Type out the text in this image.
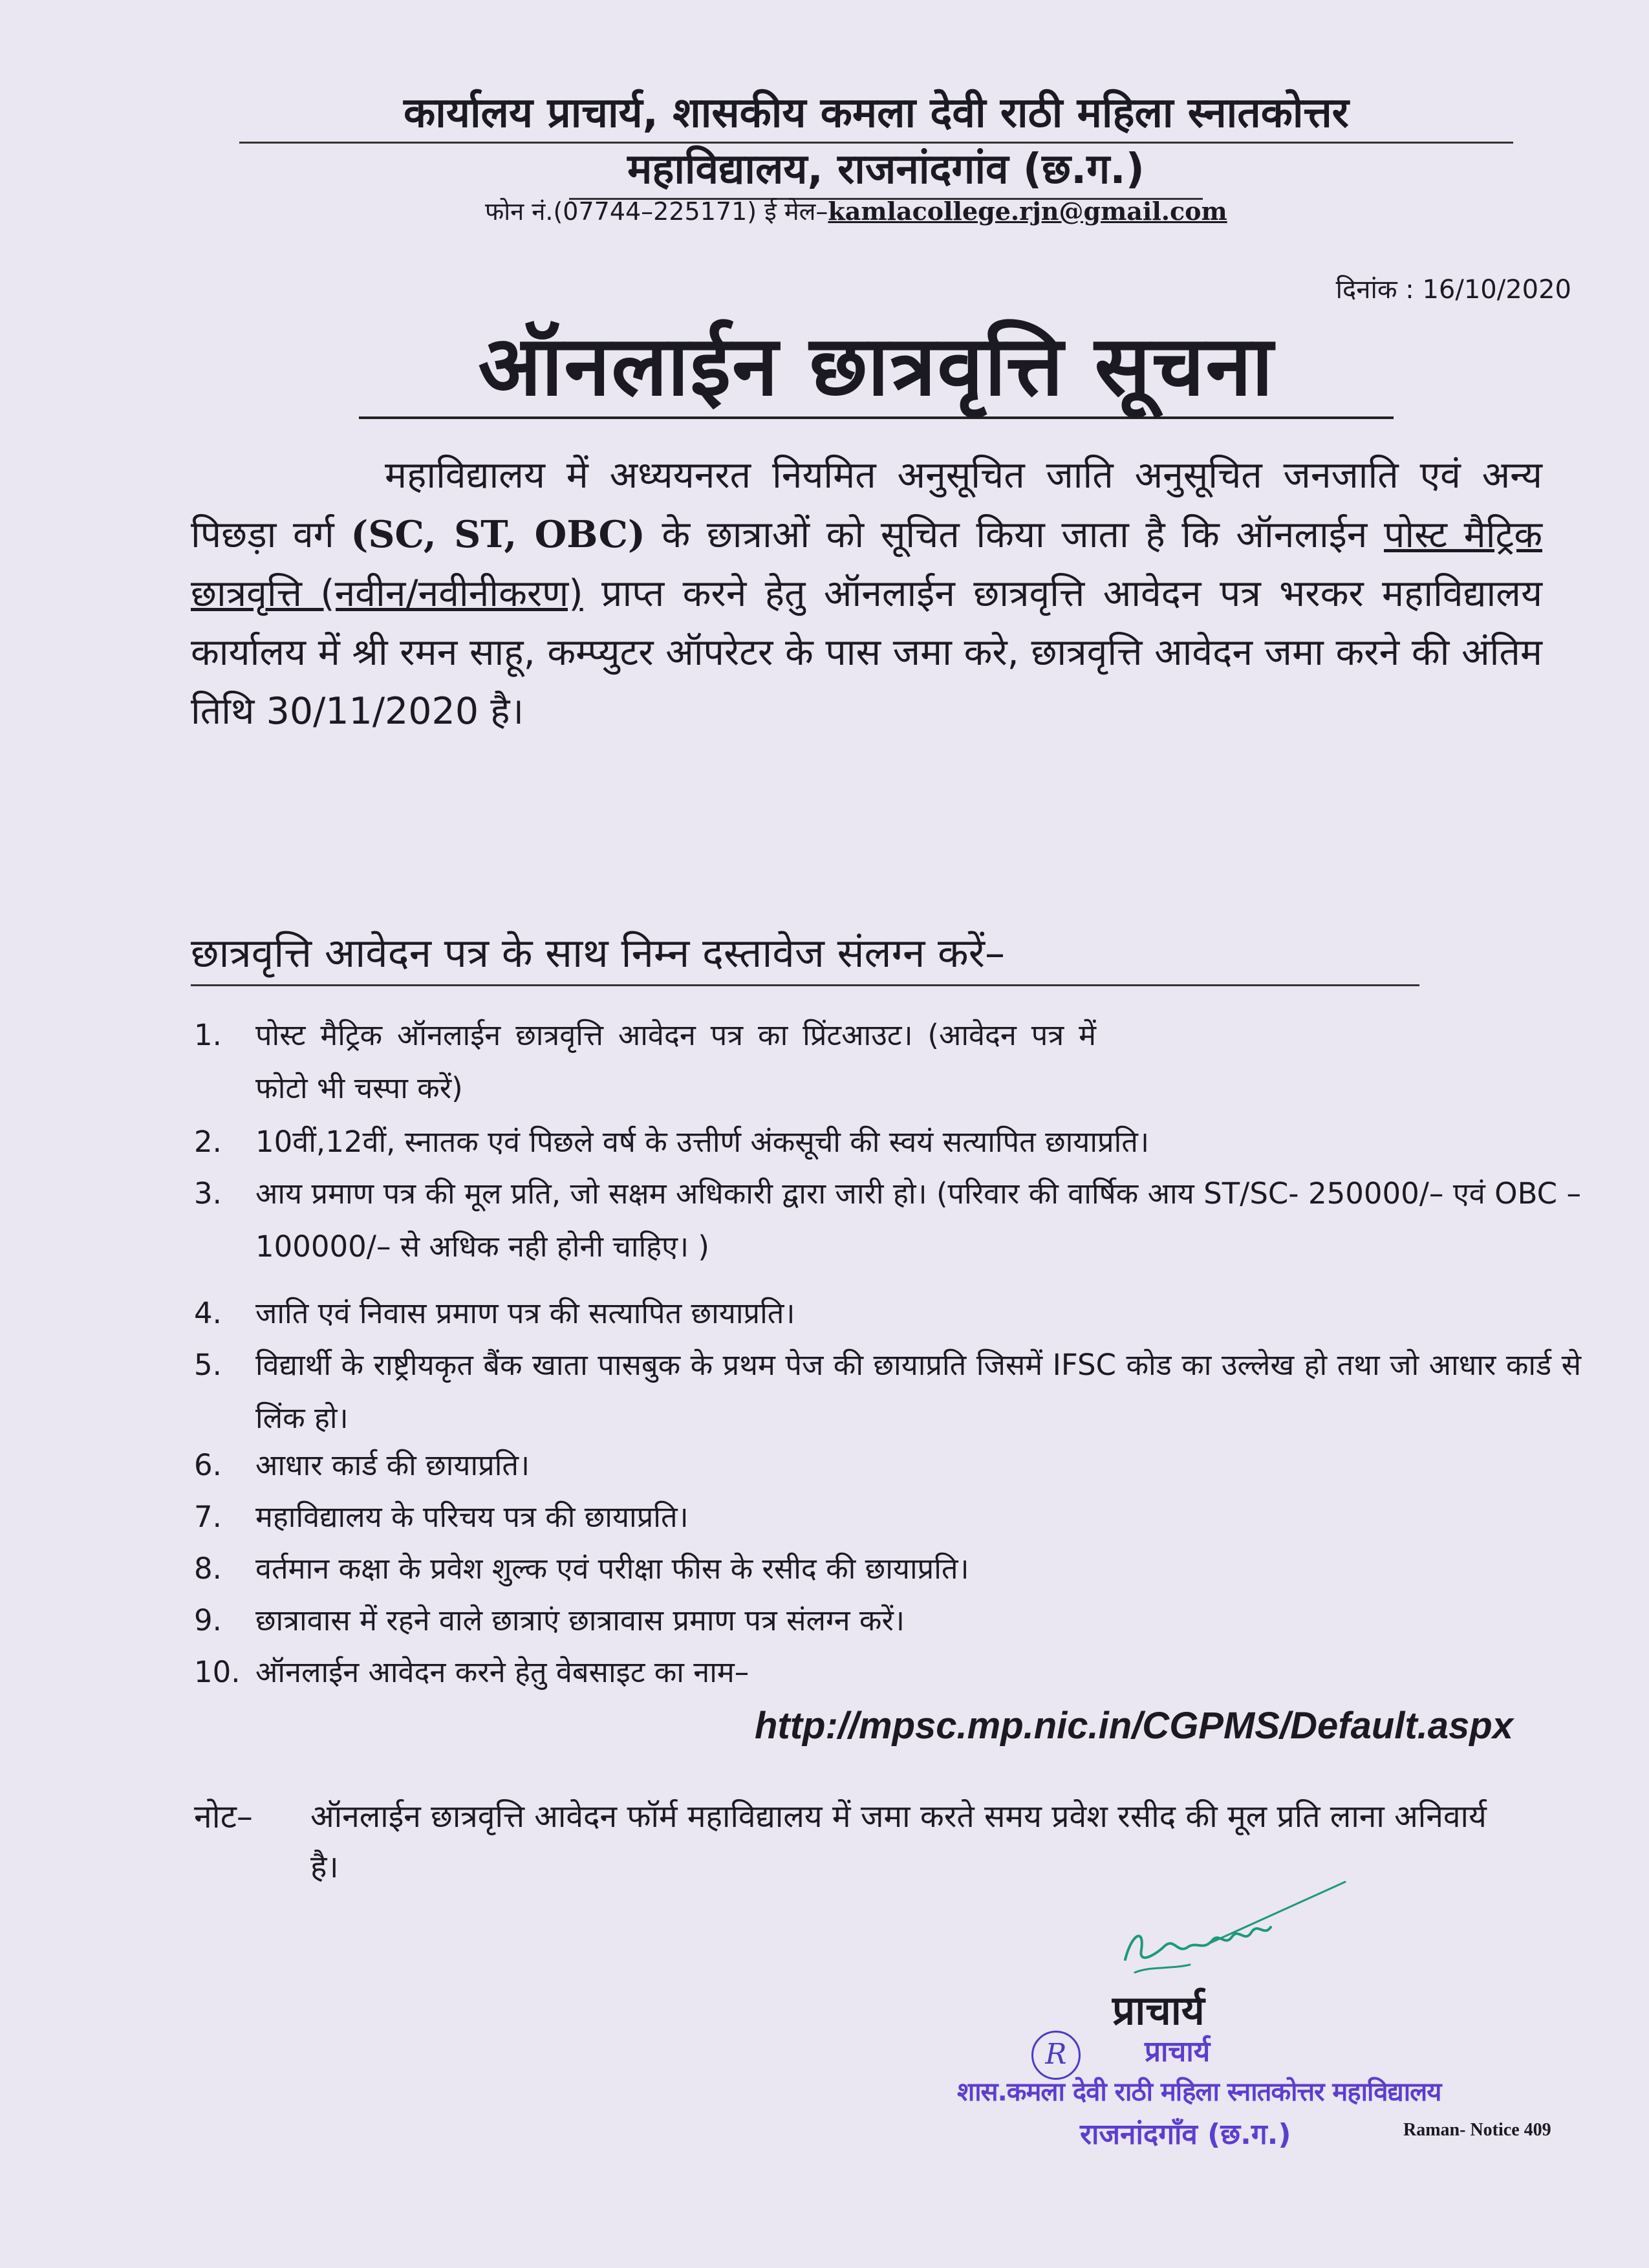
कार्यालय प्राचार्य, शासकीय कमला देवी राठी महिला स्नातकोत्तर
महाविद्यालय, राजनांदगांव (छ.ग.)
फोन नं.(07744–225171) ई मेल–kamlacollege.rjn@gmail.com
दिनांक : 16/10/2020
ऑनलाईन छात्रवृत्ति सूचना
महाविद्यालय में अध्ययनरत नियमित अनुसूचित जाति अनुसूचित जनजाति एवं अन्य पिछड़ा वर्ग (SC, ST, OBC) के छात्राओं को सूचित किया जाता है कि ऑनलाईन पोस्ट मैट्रिक छात्रवृत्ति (नवीन/नवीनीकरण) प्राप्त करने हेतु ऑनलाईन छात्रवृत्ति आवेदन पत्र भरकर महाविद्यालय कार्यालय में श्री रमन साहू, कम्प्युटर ऑपरेटर के पास जमा करे, छात्रवृत्ति आवेदन जमा करने की अंतिम तिथि 30/11/2020 है।
छात्रवृत्ति आवेदन पत्र के साथ निम्न दस्तावेज संलग्न करें–
1.	पोस्ट मैट्रिक ऑनलाईन छात्रवृत्ति आवेदन पत्र का प्रिंटआउट। (आवेदन पत्र में फोटो भी चस्पा करें)
2.	10वीं,12वीं, स्नातक एवं पिछले वर्ष के उत्तीर्ण अंकसूची की स्वयं सत्यापित छायाप्रति।
3.	आय प्रमाण पत्र की मूल प्रति, जो सक्षम अधिकारी द्वारा जारी हो। (परिवार की वार्षिक आय ST/SC- 250000/– एवं OBC – 100000/– से अधिक नही होनी चाहिए। )
4.	जाति एवं निवास प्रमाण पत्र की सत्यापित छायाप्रति।
5.	विद्यार्थी के राष्ट्रीयकृत बैंक खाता पासबुक के प्रथम पेज की छायाप्रति जिसमें IFSC कोड का उल्लेख हो तथा जो आधार कार्ड से लिंक हो।
6.	आधार कार्ड की छायाप्रति।
7.	महाविद्यालय के परिचय पत्र की छायाप्रति।
8.	वर्तमान कक्षा के प्रवेश शुल्क एवं परीक्षा फीस के रसीद की छायाप्रति।
9.	छात्रावास में रहने वाले छात्राएं छात्रावास प्रमाण पत्र संलग्न करें।
10. ऑनलाईन आवेदन करने हेतु वेबसाइट का नाम–
http://mpsc.mp.nic.in/CGPMS/Default.aspx
नोट– ऑनलाईन छात्रवृत्ति आवेदन फॉर्म महाविद्यालय में जमा करते समय प्रवेश रसीद की मूल प्रति लाना अनिवार्य है।
प्राचार्य
R	प्राचार्य
शास.कमला देवी राठी महिला स्नातकोत्तर महाविद्यालय
राजनांदगाँव (छ.ग.)	Raman- Notice 409
